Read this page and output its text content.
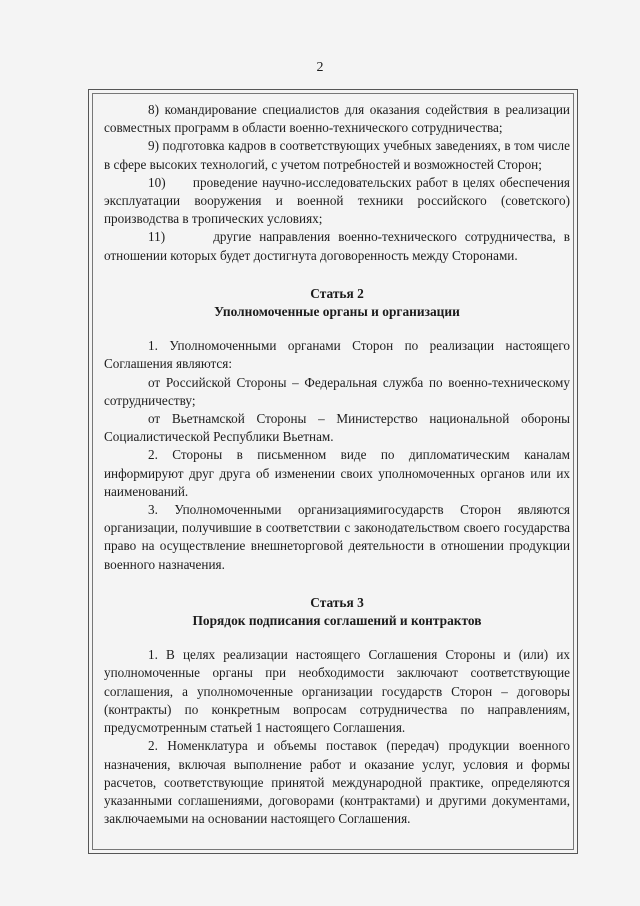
2

8) командирование специалистов для оказания содействия в реализации совместных программ в области военно-технического сотрудничества;

9) подготовка кадров в соответствующих учебных заведениях, в том числе в сфере высоких технологий, с учетом потребностей и возможностей Сторон;

10)      проведение научно-исследовательских работ в целях обеспечения эксплуатации вооружения и военной техники российского (советского) производства в тропических условиях;

11)      другие направления военно-технического сотрудничества, в отношении которых будет достигнута договоренность между Сторонами.

Статья 2

Уполномоченные органы и организации

1. Уполномоченными органами Сторон по реализации настоящего Соглашения являются:

от Российской Стороны – Федеральная служба по военно-техническому сотрудничеству;

от Вьетнамской Стороны – Министерство национальной обороны Социалистической Республики Вьетнам.

2. Стороны в письменном виде по дипломатическим каналам информируют друг друга об изменении своих уполномоченных органов или их наименований.

3. Уполномоченными организациямигосударств Сторон являются организации, получившие в соответствии с законодательством своего государства право на осуществление внешнеторговой деятельности в отношении продукции военного назначения.

Статья 3

Порядок подписания соглашений и контрактов

1. В целях реализации настоящего Соглашения Стороны и (или) их уполномоченные органы при необходимости заключают соответствующие соглашения, а уполномоченные организации государств Сторон – договоры (контракты) по конкретным вопросам сотрудничества по направлениям, предусмотренным статьей 1 настоящего Соглашения.

2. Номенклатура и объемы поставок (передач) продукции военного назначения, включая выполнение работ и оказание услуг, условия и формы расчетов, соответствующие принятой международной практике, определяются указанными соглашениями, договорами (контрактами) и другими документами, заключаемыми на основании настоящего Соглашения.
